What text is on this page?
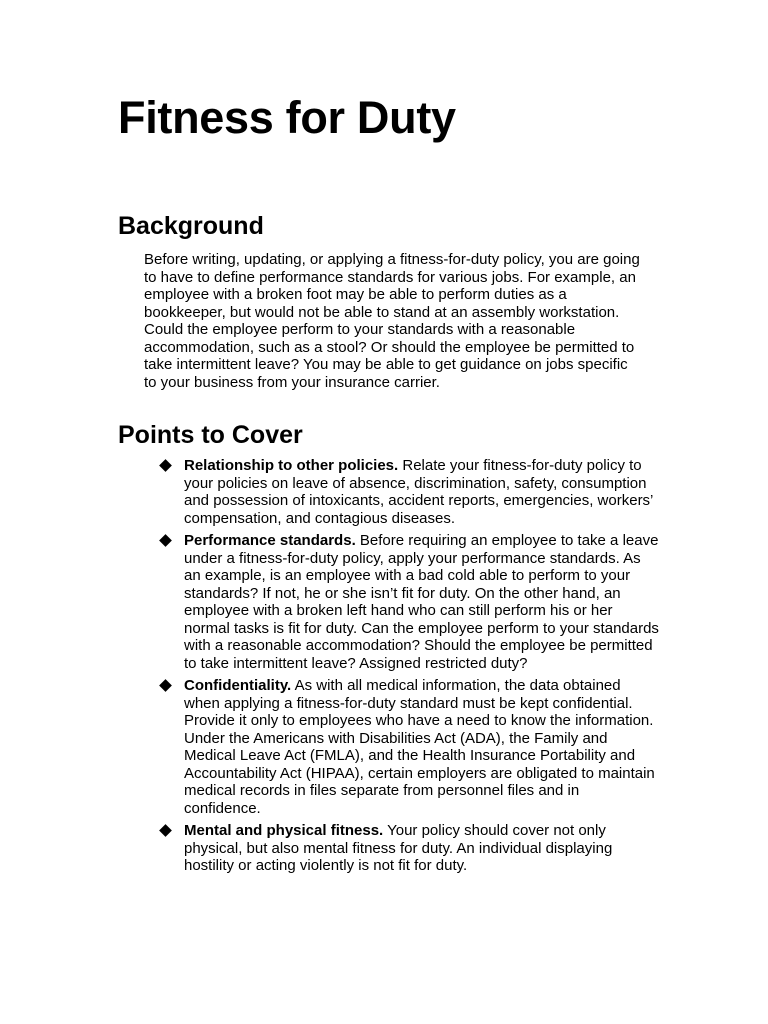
Fitness for Duty
Background

Before writing, updating, or applying a fitness-for-duty policy, you are going to have to define performance standards for various jobs. For example, an employee with a broken foot may be able to perform duties as a bookkeeper, but would not be able to stand at an assembly workstation. Could the employee perform to your standards with a reasonable accommodation, such as a stool? Or should the employee be permitted to take intermittent leave? You may be able to get guidance on jobs specific to your business from your insurance carrier.

Points to Cover
Relationship to other policies. Relate your fitness-for-duty policy to your policies on leave of absence, discrimination, safety, consumption and possession of intoxicants, accident reports, emergencies, workers’ compensation, and contagious diseases.
Performance standards. Before requiring an employee to take a leave under a fitness-for-duty policy, apply your performance standards. As an example, is an employee with a bad cold able to perform to your standards? If not, he or she isn’t fit for duty. On the other hand, an employee with a broken left hand who can still perform his or her normal tasks is fit for duty. Can the employee perform to your standards with a reasonable accommodation? Should the employee be permitted to take intermittent leave? Assigned restricted duty?
Confidentiality. As with all medical information, the data obtained when applying a fitness-for-duty standard must be kept confidential. Provide it only to employees who have a need to know the information. Under the Americans with Disabilities Act (ADA), the Family and Medical Leave Act (FMLA), and the Health Insurance Portability and Accountability Act (HIPAA), certain employers are obligated to maintain medical records in files separate from personnel files and in confidence.
Mental and physical fitness. Your policy should cover not only physical, but also mental fitness for duty. An individual displaying hostility or acting violently is not fit for duty.
